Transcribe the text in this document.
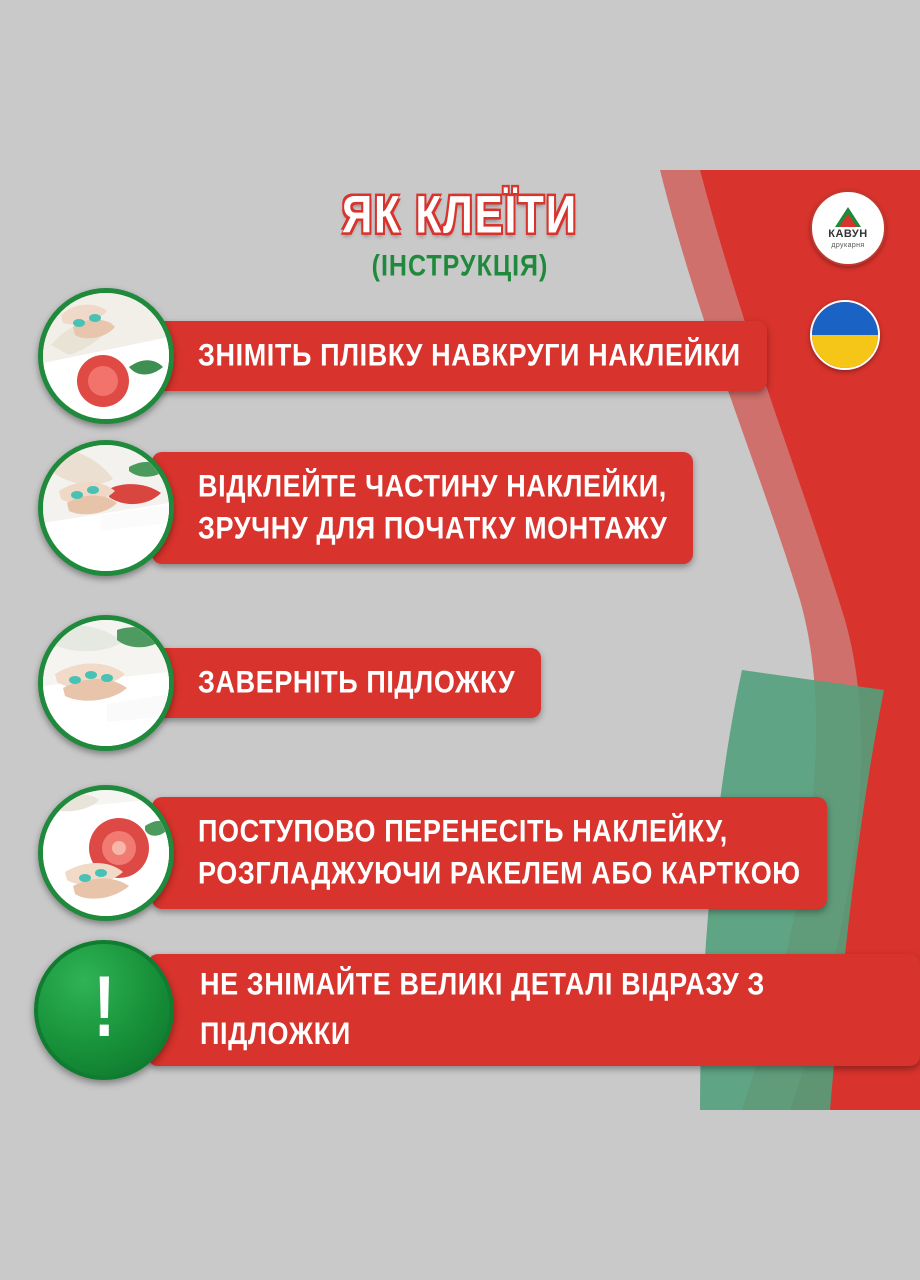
ЯК КЛЕЇТИ
(ІНСТРУКЦІЯ)
КАВУН
друкарня
ЗНІМІТЬ ПЛІВКУ НАВКРУГИ НАКЛЕЙКИ
ВІДКЛЕЙТЕ ЧАСТИНУ НАКЛЕЙКИ,
ЗРУЧНУ ДЛЯ ПОЧАТКУ МОНТАЖУ
ЗАВЕРНІТЬ ПІДЛОЖКУ
ПОСТУПОВО ПЕРЕНЕСІТЬ НАКЛЕЙКУ,
РОЗГЛАДЖУЮЧИ РАКЕЛЕМ АБО КАРТКОЮ
!	НЕ ЗНІМАЙТЕ ВЕЛИКІ ДЕТАЛІ ВІДРАЗУ З ПІДЛОЖКИ
